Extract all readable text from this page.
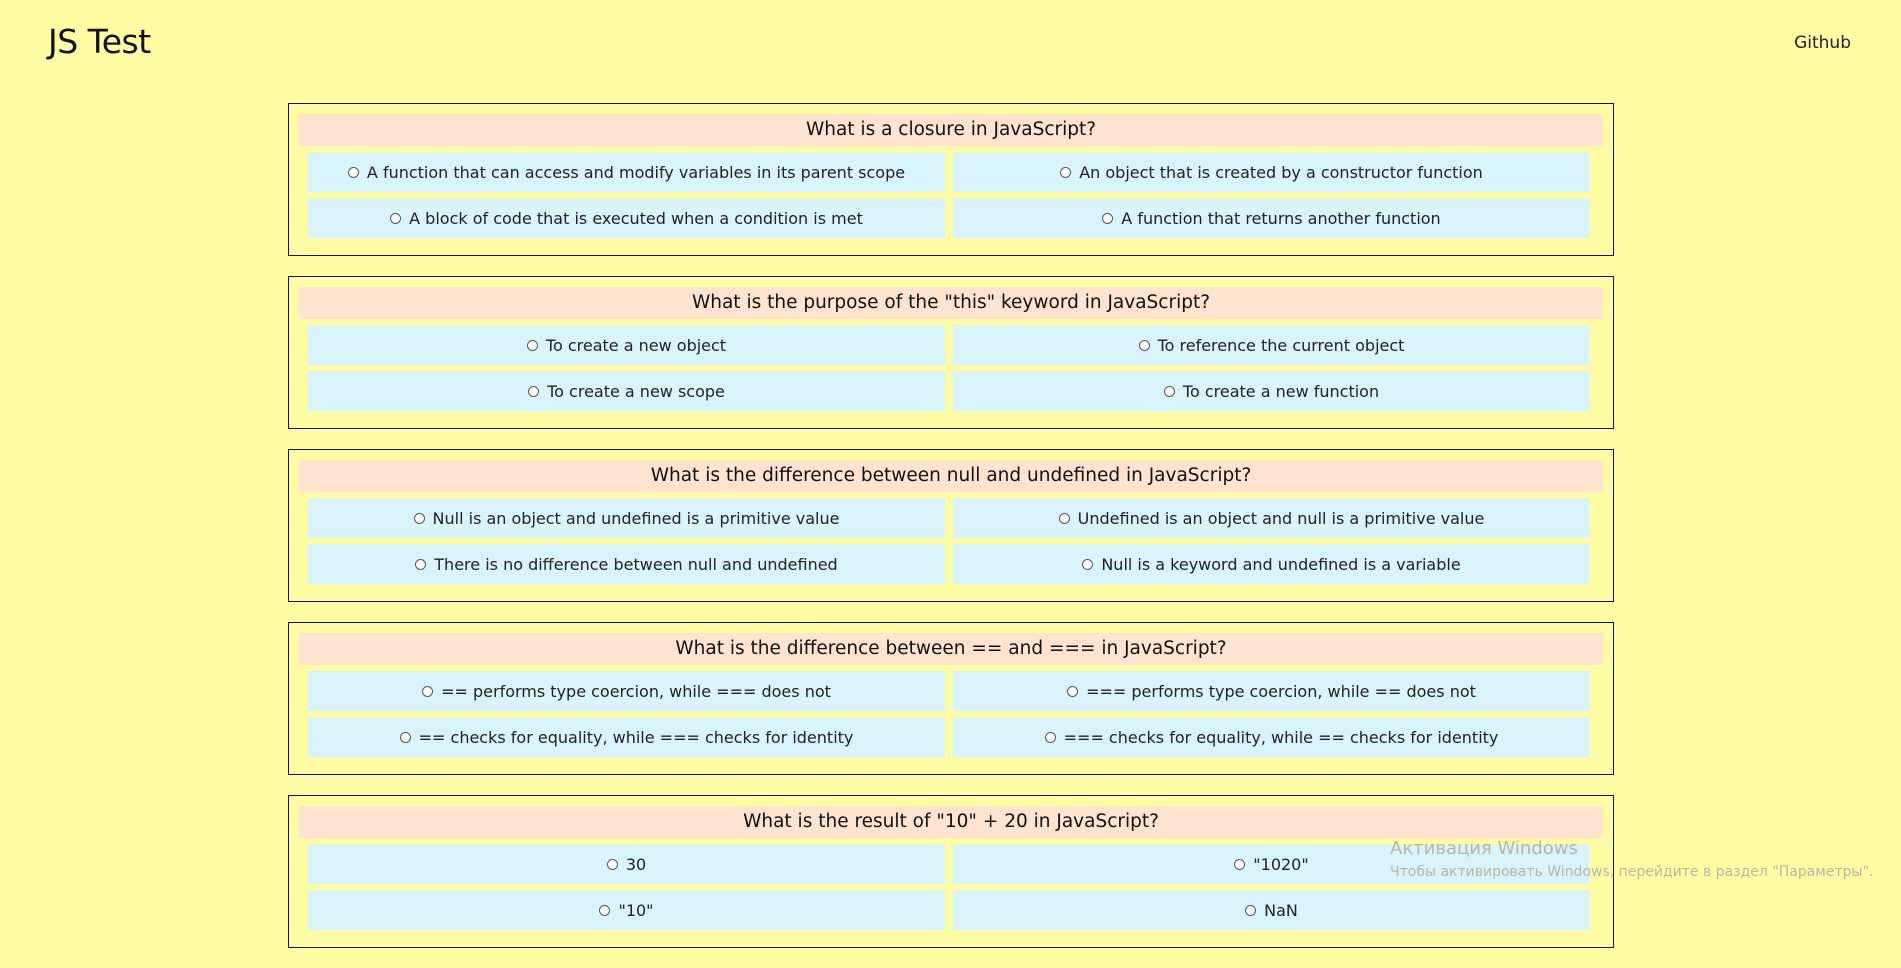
JS Test	Github
What is a closure in JavaScript?
A function that can access and modify variables in its parent scope	An object that is created by a constructor function
A block of code that is executed when a condition is met	A function that returns another function
What is the purpose of the "this" keyword in JavaScript?
To create a new object	To reference the current object
To create a new scope	To create a new function
What is the difference between null and undefined in JavaScript?
Null is an object and undefined is a primitive value	Undefined is an object and null is a primitive value
There is no difference between null and undefined	Null is a keyword and undefined is a variable
What is the difference between == and === in JavaScript?
== performs type coercion, while === does not	=== performs type coercion, while == does not
== checks for equality, while === checks for identity	=== checks for equality, while == checks for identity
What is the result of "10" + 20 in JavaScript?
30	"1020"
"10"	NaN
Активация Windows
Чтобы активировать Windows, перейдите в раздел "Параметры".
